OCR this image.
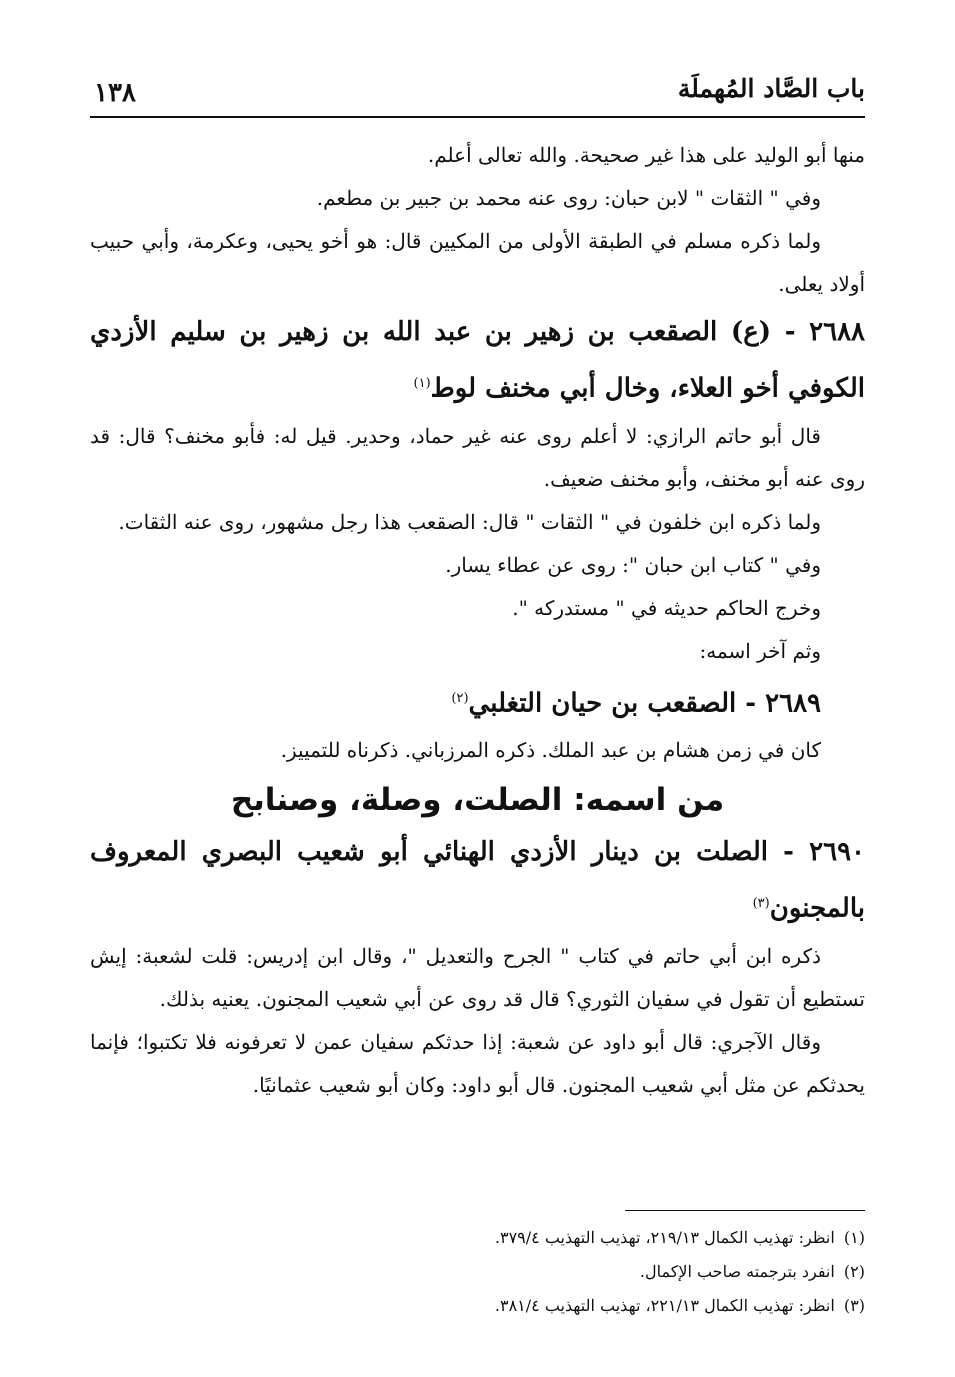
باب الصَّاد المُهملَة
١٣٨

منها أبو الوليد على هذا غير صحيحة. والله تعالى أعلم.

وفي " الثقات " لابن حبان: روى عنه محمد بن جبير بن مطعم.

ولما ذكره مسلم في الطبقة الأولى من المكيين قال: هو أخو يحيى، وعكرمة، وأبي حبيب أولاد يعلى.

٢٦٨٨ - (ع) الصقعب بن زهير بن عبد الله بن زهير بن سليم الأزدي الكوفي أخو العلاء، وخال أبي مخنف لوط$^{(١)}$

قال أبو حاتم الرازي: لا أعلم روى عنه غير حماد، وحدير. قيل له: فأبو مخنف؟ قال: قد روى عنه أبو مخنف، وأبو مخنف ضعيف.

ولما ذكره ابن خلفون في " الثقات " قال: الصقعب هذا رجل مشهور، روى عنه الثقات.

وفي " كتاب ابن حبان ": روى عن عطاء يسار.

وخرج الحاكم حديثه في " مستدركه ".

وثم آخر اسمه:

٢٦٨٩ - الصقعب بن حيان التغلبي$^{(٢)}$

كان في زمن هشام بن عبد الملك. ذكره المرزباني. ذكرناه للتمييز.

من اسمه: الصلت، وصلة، وصنابح

٢٦٩٠ - الصلت بن دينار الأزدي الهنائي أبو شعيب البصري المعروف بالمجنون$^{(٣)}$

ذكره ابن أبي حاتم في كتاب " الجرح والتعديل "، وقال ابن إدريس: قلت لشعبة: إيش تستطيع أن تقول في سفيان الثوري؟ قال قد روى عن أبي شعيب المجنون. يعنيه بذلك.

وقال الآجري: قال أبو داود عن شعبة: إذا حدثكم سفيان عمن لا تعرفونه فلا تكتبوا؛ فإنما يحدثكم عن مثل أبي شعيب المجنون. قال أبو داود: وكان أبو شعيب عثمانيًا.

(١) انظر: تهذيب الكمال ٢١٩/١٣، تهذيب التهذيب ٣٧٩/٤.

(٢) انفرد بترجمته صاحب الإكمال.

(٣) انظر: تهذيب الكمال ٢٢١/١٣، تهذيب التهذيب ٣٨١/٤.
